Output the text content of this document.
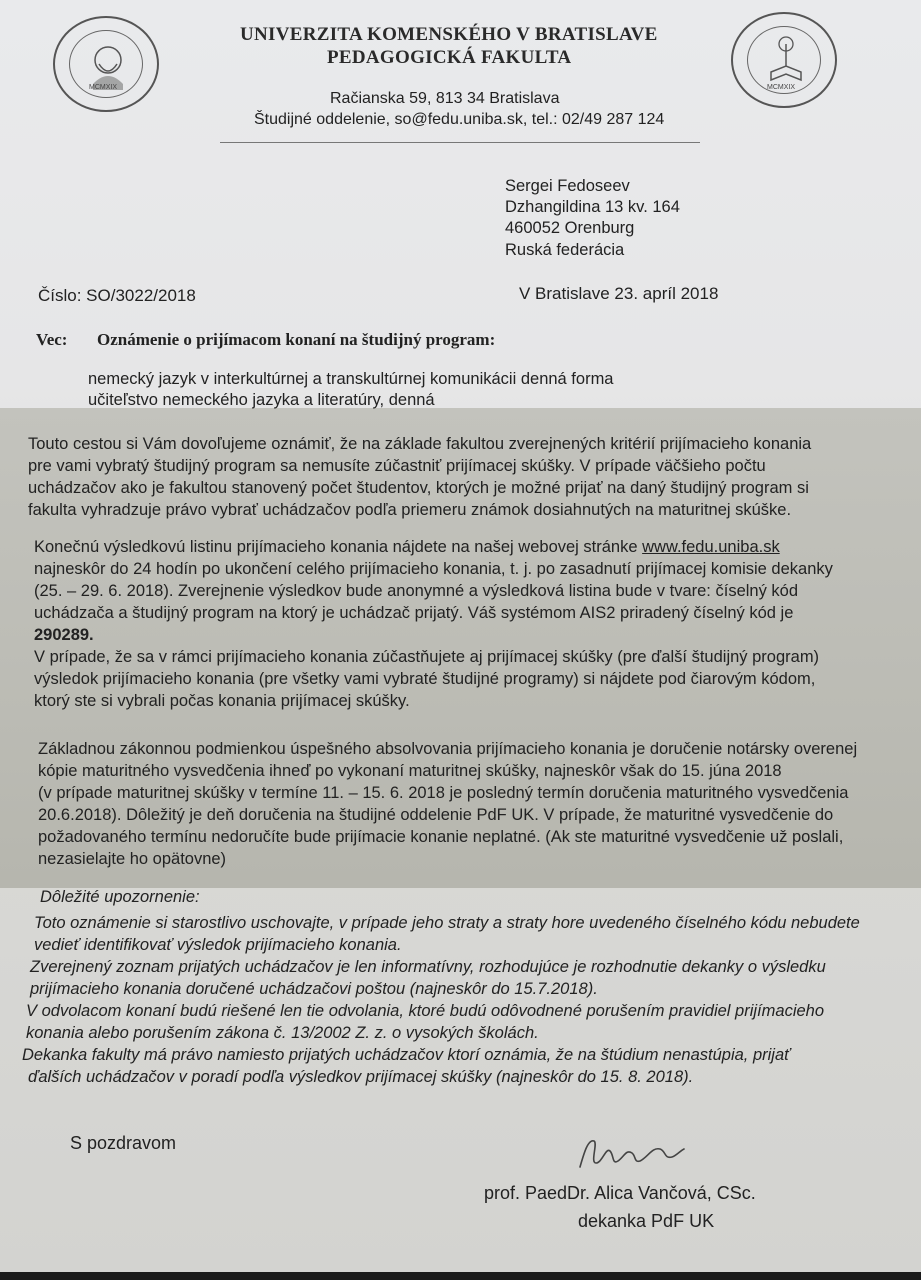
MCMXIX	MCMXIX
UNIVERZITA KOMENSKÉHO V BRATISLAVE
PEDAGOGICKÁ FAKULTA
Račianska 59, 813 34 Bratislava
Študijné oddelenie, so@fedu.uniba.sk, tel.: 02/49 287 124
Sergei Fedoseev
Dzhangildina 13 kv. 164
460052 Orenburg
Ruská federácia
Číslo: SO/3022/2018	V Bratislave 23. apríl 2018
Vec: Oznámenie o prijímacom konaní na študijný program:
nemecký jazyk v interkultúrnej a transkultúrnej komunikácii denná forma
učiteľstvo nemeckého jazyka a literatúry, denná
Touto cestou si Vám dovoľujeme oznámiť, že na základe fakultou zverejnených kritérií prijímacieho konania
pre vami vybratý študijný program sa nemusíte zúčastniť prijímacej skúšky. V prípade väčšieho počtu
uchádzačov ako je fakultou stanovený počet študentov, ktorých je možné prijať na daný študijný program si
fakulta vyhradzuje právo vybrať uchádzačov podľa priemeru známok dosiahnutých na maturitnej skúške.
Konečnú výsledkovú listinu prijímacieho konania nájdete na našej webovej stránke www.fedu.uniba.sk
najneskôr do 24 hodín po ukončení celého prijímacieho konania, t. j. po zasadnutí prijímacej komisie dekanky
(25. – 29. 6. 2018). Zverejnenie výsledkov bude anonymné a výsledková listina bude v tvare: číselný kód
uchádzača a študijný program na ktorý je uchádzač prijatý. Váš systémom AIS2 priradený číselný kód je
290289.
V prípade, že sa v rámci prijímacieho konania zúčastňujete aj prijímacej skúšky (pre ďalší študijný program)
výsledok prijímacieho konania (pre všetky vami vybraté študijné programy) si nájdete pod čiarovým kódom,
ktorý ste si vybrali počas konania prijímacej skúšky.
Základnou zákonnou podmienkou úspešného absolvovania prijímacieho konania je doručenie notársky overenej
kópie maturitného vysvedčenia ihneď po vykonaní maturitnej skúšky, najneskôr však do 15. júna 2018
(v prípade maturitnej skúšky v termíne 11. – 15. 6. 2018 je posledný termín doručenia maturitného vysvedčenia
20.6.2018). Dôležitý je deň doručenia na študijné oddelenie PdF UK. V prípade, že maturitné vysvedčenie do
požadovaného termínu nedoručíte bude prijímacie konanie neplatné. (Ak ste maturitné vysvedčenie už poslali,
nezasielajte ho opätovne)
Dôležité upozornenie:
Toto oznámenie si starostlivo uschovajte, v prípade jeho straty a straty hore uvedeného číselného kódu nebudete
vedieť identifikovať výsledok prijímacieho konania.
Zverejnený zoznam prijatých uchádzačov je len informatívny, rozhodujúce je rozhodnutie dekanky o výsledku
prijímacieho konania doručené uchádzačovi poštou (najneskôr do 15.7.2018).
V odvolacom konaní budú riešené len tie odvolania, ktoré budú odôvodnené porušením pravidiel prijímacieho
konania alebo porušením zákona č. 13/2002 Z. z. o vysokých školách.
Dekanka fakulty má právo namiesto prijatých uchádzačov ktorí oznámia, že na štúdium nenastúpia, prijať
ďalších uchádzačov v poradí podľa výsledkov prijímacej skúšky (najneskôr do 15. 8. 2018).
S pozdravom
prof. PaedDr. Alica Vančová, CSc.
dekanka PdF UK
